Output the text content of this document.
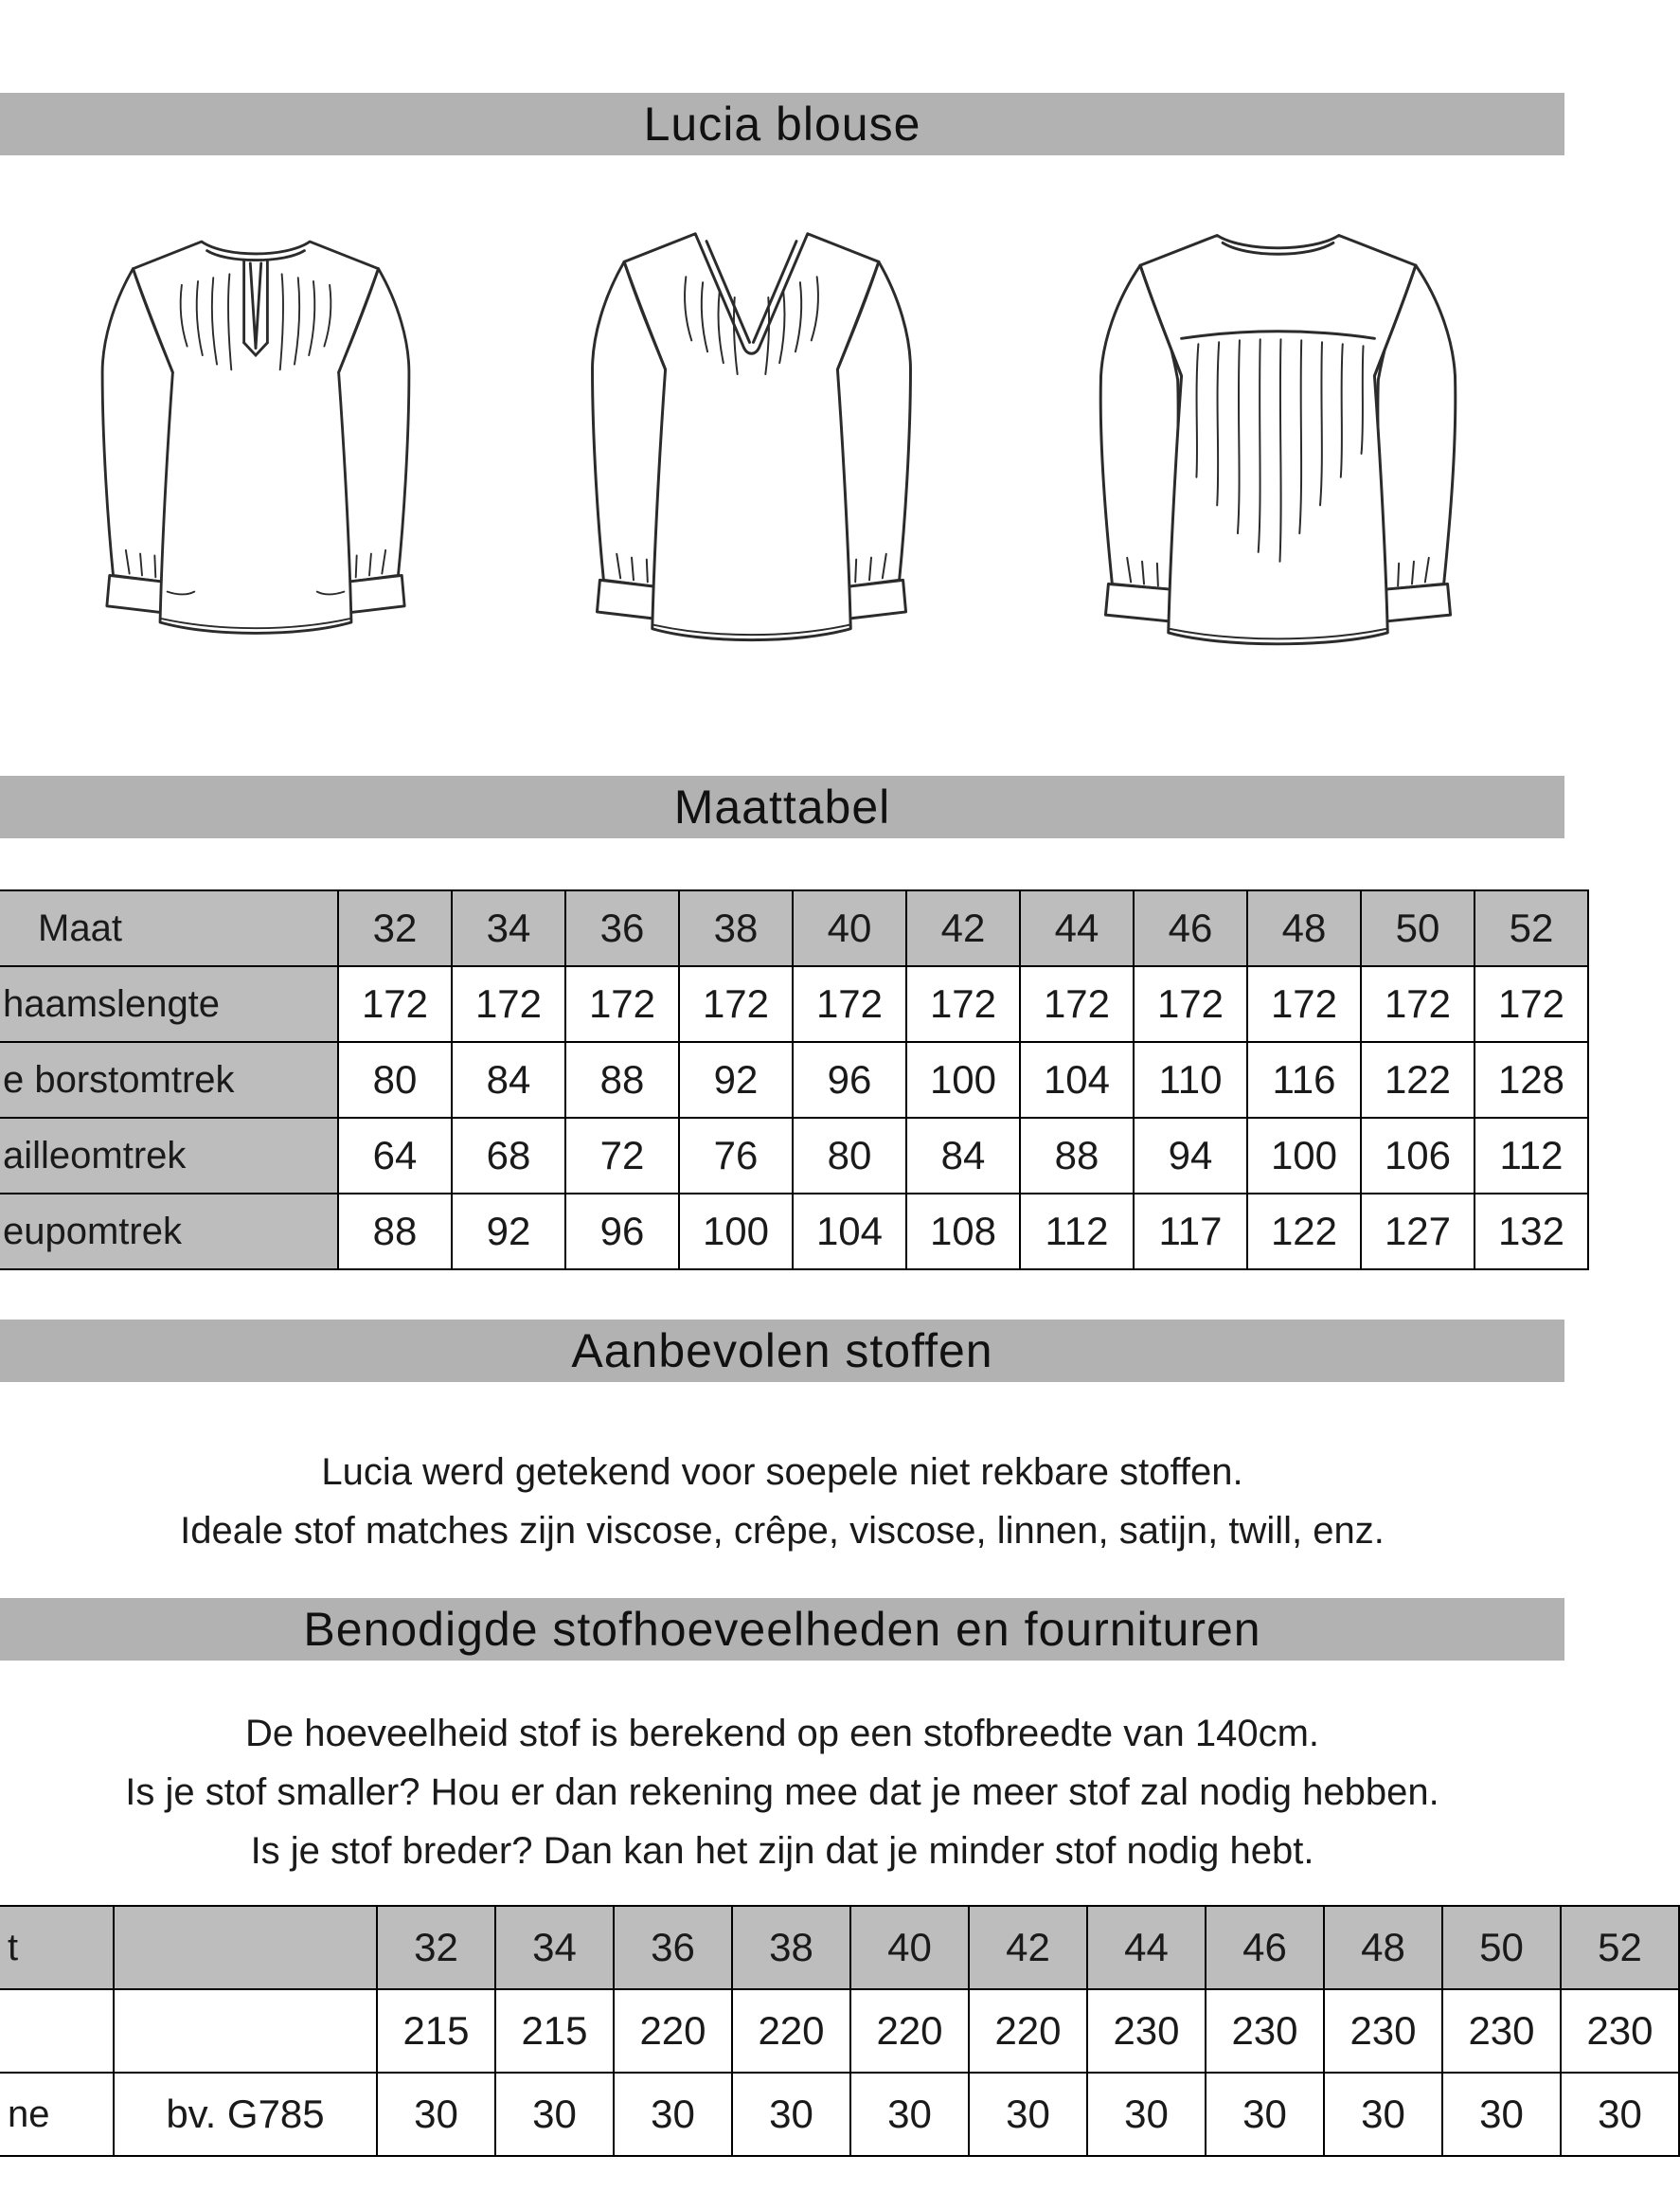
Lucia blouse
Maattabel
Maat	32	34	36	38	40	42	44	46	48	50	52
haamslengte	172	172	172	172	172	172	172	172	172	172	172
e borstomtrek	80	84	88	92	96	100	104	110	116	122	128
ailleomtrek	64	68	72	76	80	84	88	94	100	106	112
eupomtrek	88	92	96	100	104	108	112	117	122	127	132
Aanbevolen stoffen
Lucia werd getekend voor soepele niet rekbare stoffen.
Ideale stof matches zijn viscose, crêpe, viscose, linnen, satijn, twill, enz.
Benodigde stofhoeveelheden en fournituren
De hoeveelheid stof is berekend op een stofbreedte van 140cm.
Is je stof smaller? Hou er dan rekening mee dat je meer stof zal nodig hebben.
Is je stof breder? Dan kan het zijn dat je minder stof nodig hebt.
t		32	34	36	38	40	42	44	46	48	50	52
		215	215	220	220	220	220	230	230	230	230	230
ne	bv. G785	30	30	30	30	30	30	30	30	30	30	30
